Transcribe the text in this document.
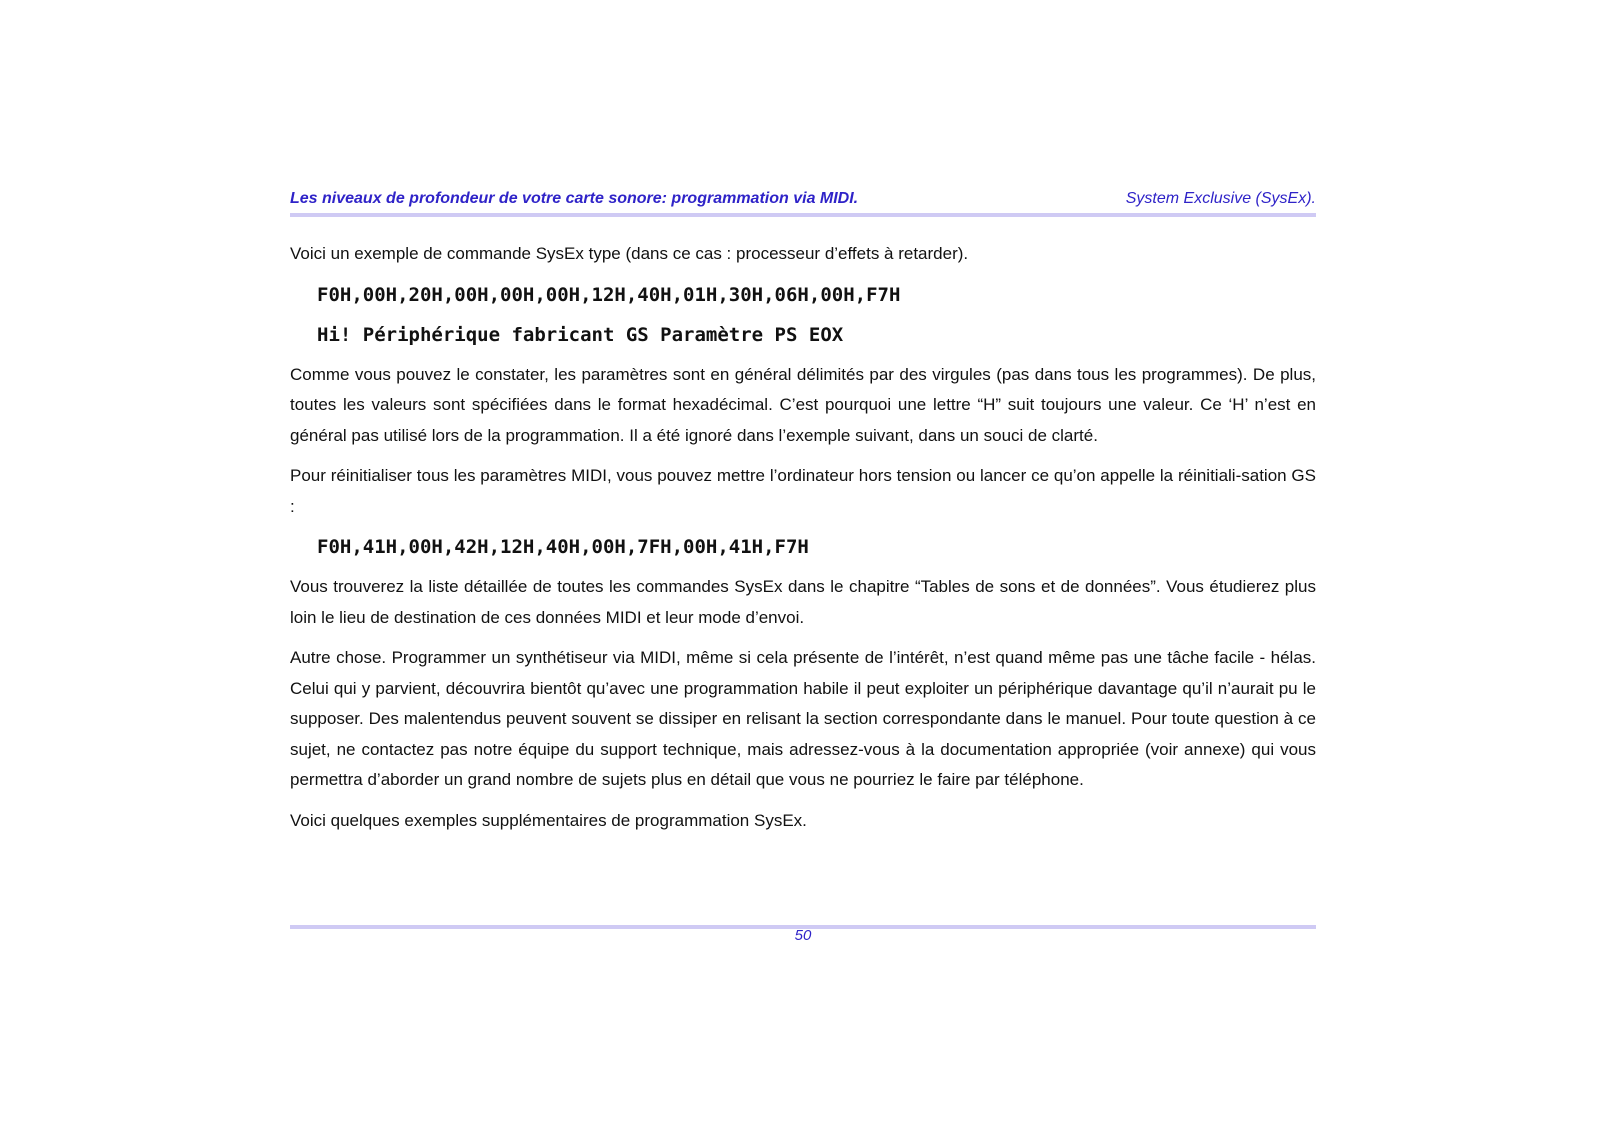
Les niveaux de profondeur de votre carte sonore: programmation via MIDI.	System Exclusive (SysEx).

Voici un exemple de commande SysEx type (dans ce cas : processeur d’effets à retarder).

F0H,00H,20H,00H,00H,00H,12H,40H,01H,30H,06H,00H,F7H
Hi! Périphérique fabricant GS Paramètre PS EOX

Comme vous pouvez le constater, les paramètres sont en général délimités par des virgules (pas dans tous les programmes). De plus, toutes les valeurs sont spécifiées dans le format hexadécimal. C’est pourquoi une lettre “H” suit toujours une valeur. Ce ‘H’ n’est en général pas utilisé lors de la programmation. Il a été ignoré dans l’exemple suivant, dans un souci de clarté.

Pour réinitialiser tous les paramètres MIDI, vous pouvez mettre l’ordinateur hors tension ou lancer ce qu’on appelle la réinitiali-sation GS :

F0H,41H,00H,42H,12H,40H,00H,7FH,00H,41H,F7H

Vous trouverez la liste détaillée de toutes les commandes SysEx dans le chapitre “Tables de sons et de données”. Vous étudierez plus loin le lieu de destination de ces données MIDI et leur mode d’envoi.

Autre chose. Programmer un synthétiseur via MIDI, même si cela présente de l’intérêt, n’est quand même pas une tâche facile - hélas. Celui qui y parvient, découvrira bientôt qu’avec une programmation habile il peut exploiter un périphérique davantage qu’il n’aurait pu le supposer. Des malentendus peuvent souvent se dissiper en relisant la section correspondante dans le manuel. Pour toute question à ce sujet, ne contactez pas notre équipe du support technique, mais adressez-vous à la documentation appropriée (voir annexe) qui vous permettra d’aborder un grand nombre de sujets plus en détail que vous ne pourriez le faire par téléphone.

Voici quelques exemples supplémentaires de programmation SysEx.

50
